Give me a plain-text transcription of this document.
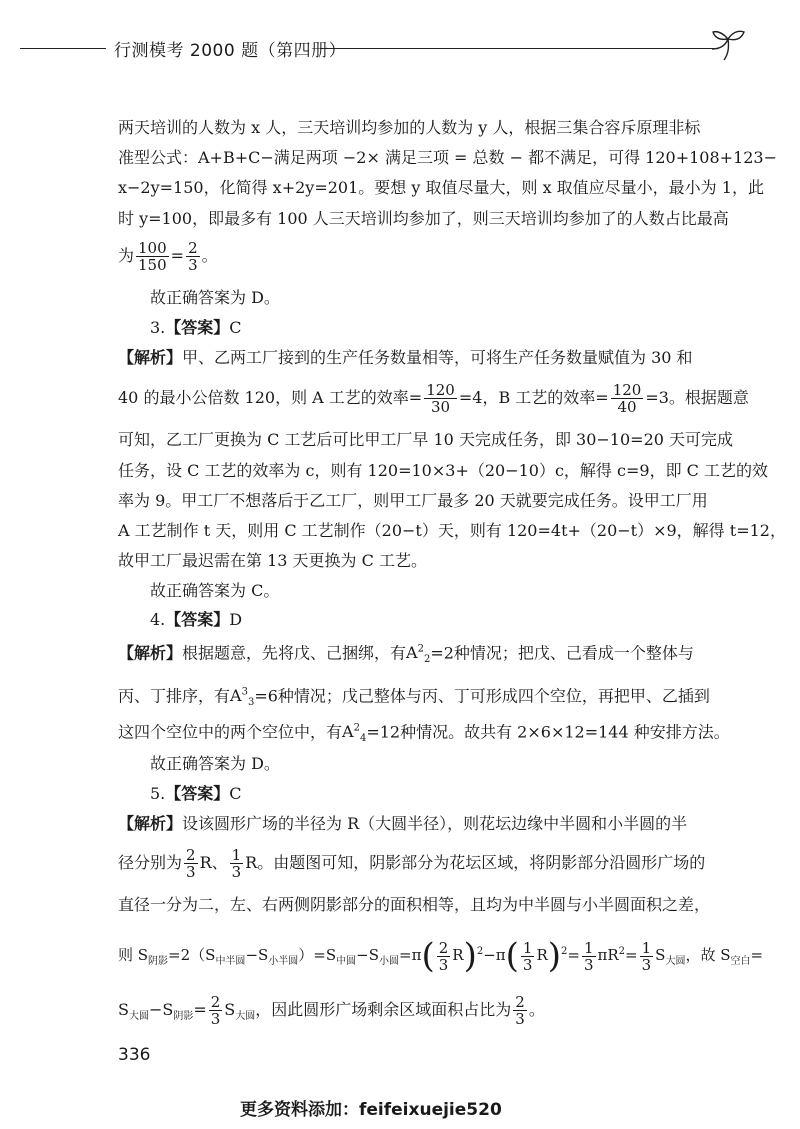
行测模考 2000 题（第四册）
两天培训的人数为 x 人，三天培训均参加的人数为 y 人，根据三集合容斥原理非标
准型公式：A+B+C−满足两项 −2× 满足三项 = 总数 − 都不满足，可得 120+108+123−
x−2y=150，化简得 x+2y=201。要想 y 取值尽量大，则 x 取值应尽量小，最小为 1，此
时 y=100，即最多有 100 人三天培训均参加了，则三天培训均参加了的人数占比最高
为 $\frac{100}{150} = \frac{2}{3}$ 。
故正确答案为 D。
3.【答案】C
【解析】甲、乙两工厂接到的生产任务数量相等，可将生产任务数量赋值为 30 和
40 的最小公倍数 120，则 A 工艺的效率= $\frac{120}{30} =4$，B 工艺的效率= $\frac{120}{40} =3$。根据题意
可知，乙工厂更换为 C 工艺后可比甲工厂早 10 天完成任务，即 30−10=20 天可完成
任务，设 C 工艺的效率为 c，则有 120=10×3+（20−10）c，解得 c=9，即 C 工艺的效
率为 9。甲工厂不想落后于乙工厂，则甲工厂最多 20 天就要完成任务。设甲工厂用
A 工艺制作 t 天，则用 C 工艺制作（20−t）天，则有 120=4t+（20−t）×9，解得 t=12，
故甲工厂最迟需在第 13 天更换为 C 工艺。
故正确答案为 C。
4.【答案】D
【解析】根据题意，先将戊、己捆绑，有$A^2_2=2$种情况；把戊、己看成一个整体与
丙、丁排序，有$A^3_3=6$种情况；戊己整体与丙、丁可形成四个空位，再把甲、乙插到
这四个空位中的两个空位中，有$A^2_4=12$种情况。故共有 2×6×12=144 种安排方法。
故正确答案为 D。
5.【答案】C
【解析】设该圆形广场的半径为 R（大圆半径），则花坛边缘中半圆和小半圆的半
径分别为 $\frac{2}{3}$ R、 $\frac{1}{3}$ R。由题图可知，阴影部分为花坛区域，将阴影部分沿圆形广场的
直径一分为二，左、右两侧阴影部分的面积相等，且均为中半圆与小半圆面积之差，
则 $S_{阴影}=2(S_{中半圆}-S_{小半圆})=S_{中圆}-S_{小圆}=\pi( \frac{2}{3} R)^2-\pi( \frac{1}{3} R)^2= \frac{1}{3} \pi R^2= \frac{1}{3} S_{大圆}$，故 $S_{空白}=$
$S_{大圆}-S_{阴影}= \frac{2}{3} S_{大圆}$，因此圆形广场剩余区域面积占比为 $\frac{2}{3}$ 。
336
更多资料添加：feifeixuejie520
